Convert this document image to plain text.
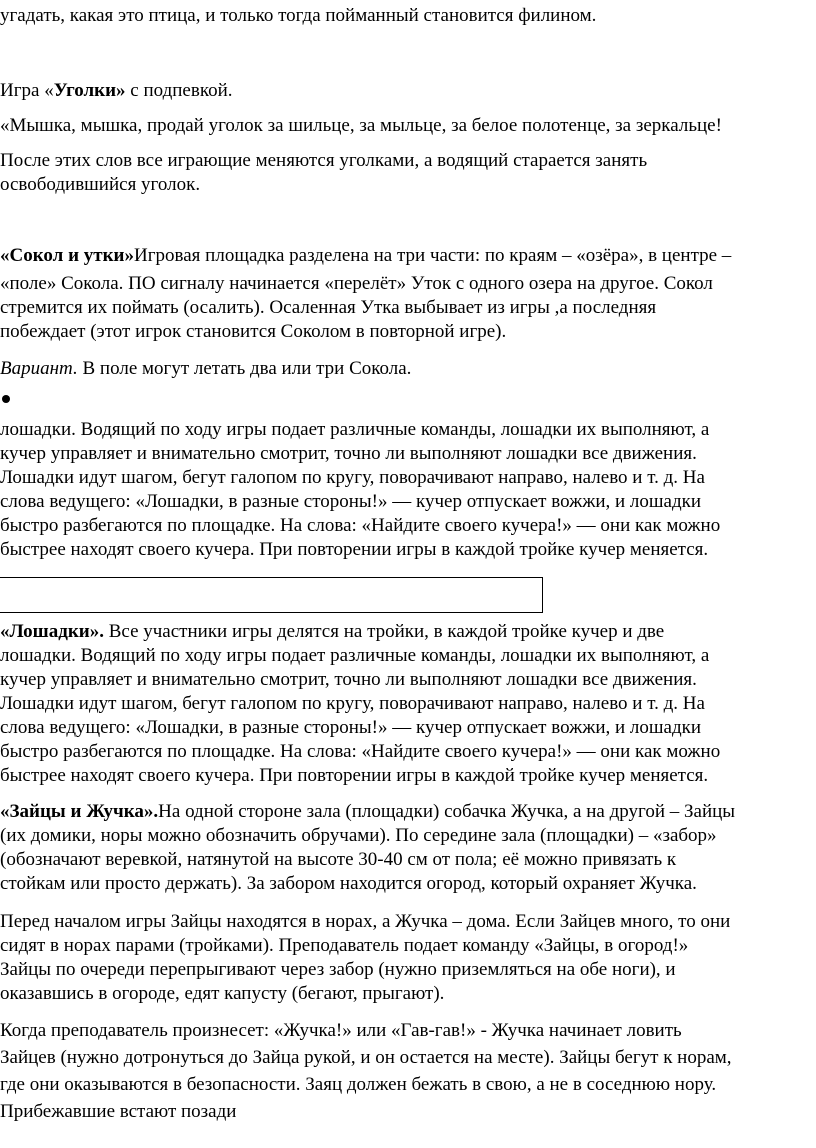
угадать, какая это птица, и только тогда пойманный становится филином.
Игра «Уголки» с подпевкой.
«Мышка, мышка, продай уголок за шильце, за мыльце, за белое полотенце, за зеркальце!
После этих слов все играющие меняются уголками, а водящий старается занять
освободившийся уголок.
«Сокол и утки»Игровая площадка разделена на три части: по краям – «озёра», в центре –
«поле» Сокола. ПО сигналу начинается «перелёт» Уток с одного озера на другое. Сокол
стремится их поймать (осалить). Осаленная Утка выбывает из игры ,а последняя
побеждает (этот игрок становится Соколом в повторной игре).
Вариант. В поле могут летать два или три Сокола.
лошадки. Водящий по ходу игры подает различные команды, лошадки их выполняют, а
кучер управляет и внимательно смотрит, точно ли выполняют лошадки все движения.
Лошадки идут шагом, бегут галопом по кругу, поворачивают направо, налево и т. д. На
слова ведущего: «Лошадки, в разные стороны!» — кучер отпускает вожжи, и лошадки
быстро разбегаются по площадке. На слова: «Найдите своего кучера!» — они как можно
быстрее находят своего кучера. При повторении игры в каждой тройке кучер меняется.
«Лошадки». Все участники игры делятся на тройки, в каждой тройке кучер и две
лошадки. Водящий по ходу игры подает различные команды, лошадки их выполняют, а
кучер управляет и внимательно смотрит, точно ли выполняют лошадки все движения.
Лошадки идут шагом, бегут галопом по кругу, поворачивают направо, налево и т. д. На
слова ведущего: «Лошадки, в разные стороны!» — кучер отпускает вожжи, и лошадки
быстро разбегаются по площадке. На слова: «Найдите своего кучера!» — они как можно
быстрее находят своего кучера. При повторении игры в каждой тройке кучер меняется.
«Зайцы и Жучка».На одной стороне зала (площадки) собачка Жучка, а на другой – Зайцы
(их домики, норы можно обозначить обручами). По середине зала (площадки) – «забор»
(обозначают веревкой, натянутой на высоте 30-40 см от пола; её можно привязать к
стойкам или просто держать). За забором находится огород, который охраняет Жучка.
Перед началом игры Зайцы находятся в норах, а Жучка – дома. Если Зайцев много, то они
сидят в норах парами (тройками). Преподаватель подает команду «Зайцы, в огород!»
Зайцы по очереди перепрыгивают через забор (нужно приземляться на обе ноги), и
оказавшись в огороде, едят капусту (бегают, прыгают).
Когда преподаватель произнесет: «Жучка!» или «Гав-гав!» - Жучка начинает ловить
Зайцев (нужно дотронуться до Зайца рукой, и он остается на месте). Зайцы бегут к норам,
где они оказываются в безопасности. Заяц должен бежать в свою, а не в соседнюю нору.
Прибежавшие встают позади
